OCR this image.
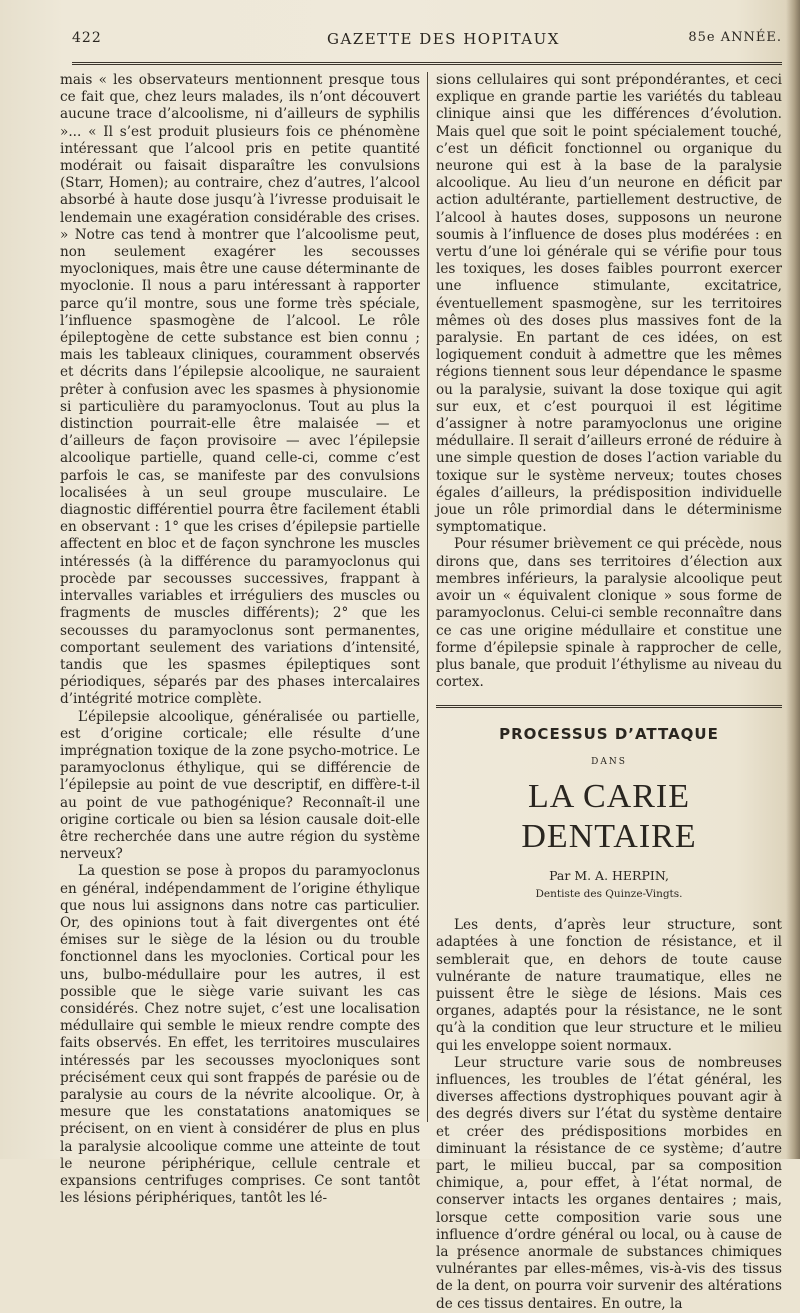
422	GAZETTE DES HOPITAUX	85e ANNÉE.

mais « les observateurs mentionnent presque tous ce fait que, chez leurs malades, ils n’ont découvert aucune trace d’alcoolisme, ni d’ailleurs de syphilis »... « Il s’est produit plusieurs fois ce phénomène intéressant que l’alcool pris en petite quantité modérait ou faisait disparaître les convulsions (Starr, Homen); au contraire, chez d’autres, l’alcool absorbé à haute dose jusqu’à l’ivresse produisait le lendemain une exagération considérable des crises. » Notre cas tend à montrer que l’alcoolisme peut, non seulement exagérer les secousses myocloniques, mais être une cause déterminante de myoclonie. Il nous a paru intéressant à rapporter parce qu’il montre, sous une forme très spéciale, l’influence spasmogène de l’alcool. Le rôle épileptogène de cette substance est bien connu ; mais les tableaux cliniques, couramment observés et décrits dans l’épilepsie alcoolique, ne sauraient prêter à confusion avec les spasmes à physionomie si particulière du paramyoclonus. Tout au plus la distinction pourrait-elle être malaisée — et d’ailleurs de façon provisoire — avec l’épilepsie alcoolique partielle, quand celle-ci, comme c’est parfois le cas, se manifeste par des convulsions localisées à un seul groupe musculaire. Le diagnostic différentiel pourra être facilement établi en observant : 1° que les crises d’épilepsie partielle affectent en bloc et de façon synchrone les muscles intéressés (à la différence du paramyoclonus qui procède par secousses successives, frappant à intervalles variables et irréguliers des muscles ou fragments de muscles différents); 2° que les secousses du paramyoclonus sont permanentes, comportant seulement des variations d’intensité, tandis que les spasmes épileptiques sont périodiques, séparés par des phases intercalaires d’intégrité motrice complète.

L’épilepsie alcoolique, généralisée ou partielle, est d’origine corticale; elle résulte d’une imprégnation toxique de la zone psycho-motrice. Le paramyoclonus éthylique, qui se différencie de l’épilepsie au point de vue descriptif, en diffère-t-il au point de vue pathogénique? Reconnaît-il une origine corticale ou bien sa lésion causale doit-elle être recherchée dans une autre région du système nerveux?

La question se pose à propos du paramyoclonus en général, indépendamment de l’origine éthylique que nous lui assignons dans notre cas particulier. Or, des opinions tout à fait divergentes ont été émises sur le siège de la lésion ou du trouble fonctionnel dans les myoclonies. Cortical pour les uns, bulbo-médullaire pour les autres, il est possible que le siège varie suivant les cas considérés. Chez notre sujet, c’est une localisation médullaire qui semble le mieux rendre compte des faits observés. En effet, les territoires musculaires intéressés par les secousses myocloniques sont précisément ceux qui sont frappés de parésie ou de paralysie au cours de la névrite alcoolique. Or, à mesure que les constatations anatomiques se précisent, on en vient à considérer de plus en plus la paralysie alcoolique comme une atteinte de tout le neurone périphérique, cellule centrale et expansions centrifuges comprises. Ce sont tantôt les lésions périphériques, tantôt les lé-

sions cellulaires qui sont prépondérantes, et ceci explique en grande partie les variétés du tableau clinique ainsi que les différences d’évolution. Mais quel que soit le point spécialement touché, c’est un déficit fonctionnel ou organique du neurone qui est à la base de la paralysie alcoolique. Au lieu d’un neurone en déficit par action adultérante, partiellement destructive, de l’alcool à hautes doses, supposons un neurone soumis à l’influence de doses plus modérées : en vertu d’une loi générale qui se vérifie pour tous les toxiques, les doses faibles pourront exercer une influence stimulante, excitatrice, éventuellement spasmogène, sur les territoires mêmes où des doses plus massives font de la paralysie. En partant de ces idées, on est logiquement conduit à admettre que les mêmes régions tiennent sous leur dépendance le spasme ou la paralysie, suivant la dose toxique qui agit sur eux, et c’est pourquoi il est légitime d’assigner à notre paramyoclonus une origine médullaire. Il serait d’ailleurs erroné de réduire à une simple question de doses l’action variable du toxique sur le système nerveux; toutes choses égales d’ailleurs, la prédisposition individuelle joue un rôle primordial dans le déterminisme symptomatique.

Pour résumer brièvement ce qui précède, nous dirons que, dans ses territoires d’élection aux membres inférieurs, la paralysie alcoolique peut avoir un « équivalent clonique » sous forme de paramyoclonus. Celui-ci semble reconnaître dans ce cas une origine médullaire et constitue une forme d’épilepsie spinale à rapprocher de celle, plus banale, que produit l’éthylisme au niveau du cortex.

PROCESSUS D’ATTAQUE
DANS
LA CARIE DENTAIRE
Par M. A. HERPIN,
Dentiste des Quinze-Vingts.

Les dents, d’après leur structure, sont adaptées à une fonction de résistance, et il semblerait que, en dehors de toute cause vulnérante de nature traumatique, elles ne puissent être le siège de lésions. Mais ces organes, adaptés pour la résistance, ne le sont qu’à la condition que leur structure et le milieu qui les enveloppe soient normaux.

Leur structure varie sous de nombreuses influences, les troubles de l’état général, les diverses affections dystrophiques pouvant agir à des degrés divers sur l’état du système dentaire et créer des prédispositions morbides en diminuant la résistance de ce système; d’autre part, le milieu buccal, par sa composition chimique, a, pour effet, à l’état normal, de conserver intacts les organes dentaires ; mais, lorsque cette composition varie sous une influence d’ordre général ou local, ou à cause de la présence anormale de substances chimiques vulnérantes par elles-mêmes, vis-à-vis des tissus de la dent, on pourra voir survenir des altérations de ces tissus dentaires. En outre, la
